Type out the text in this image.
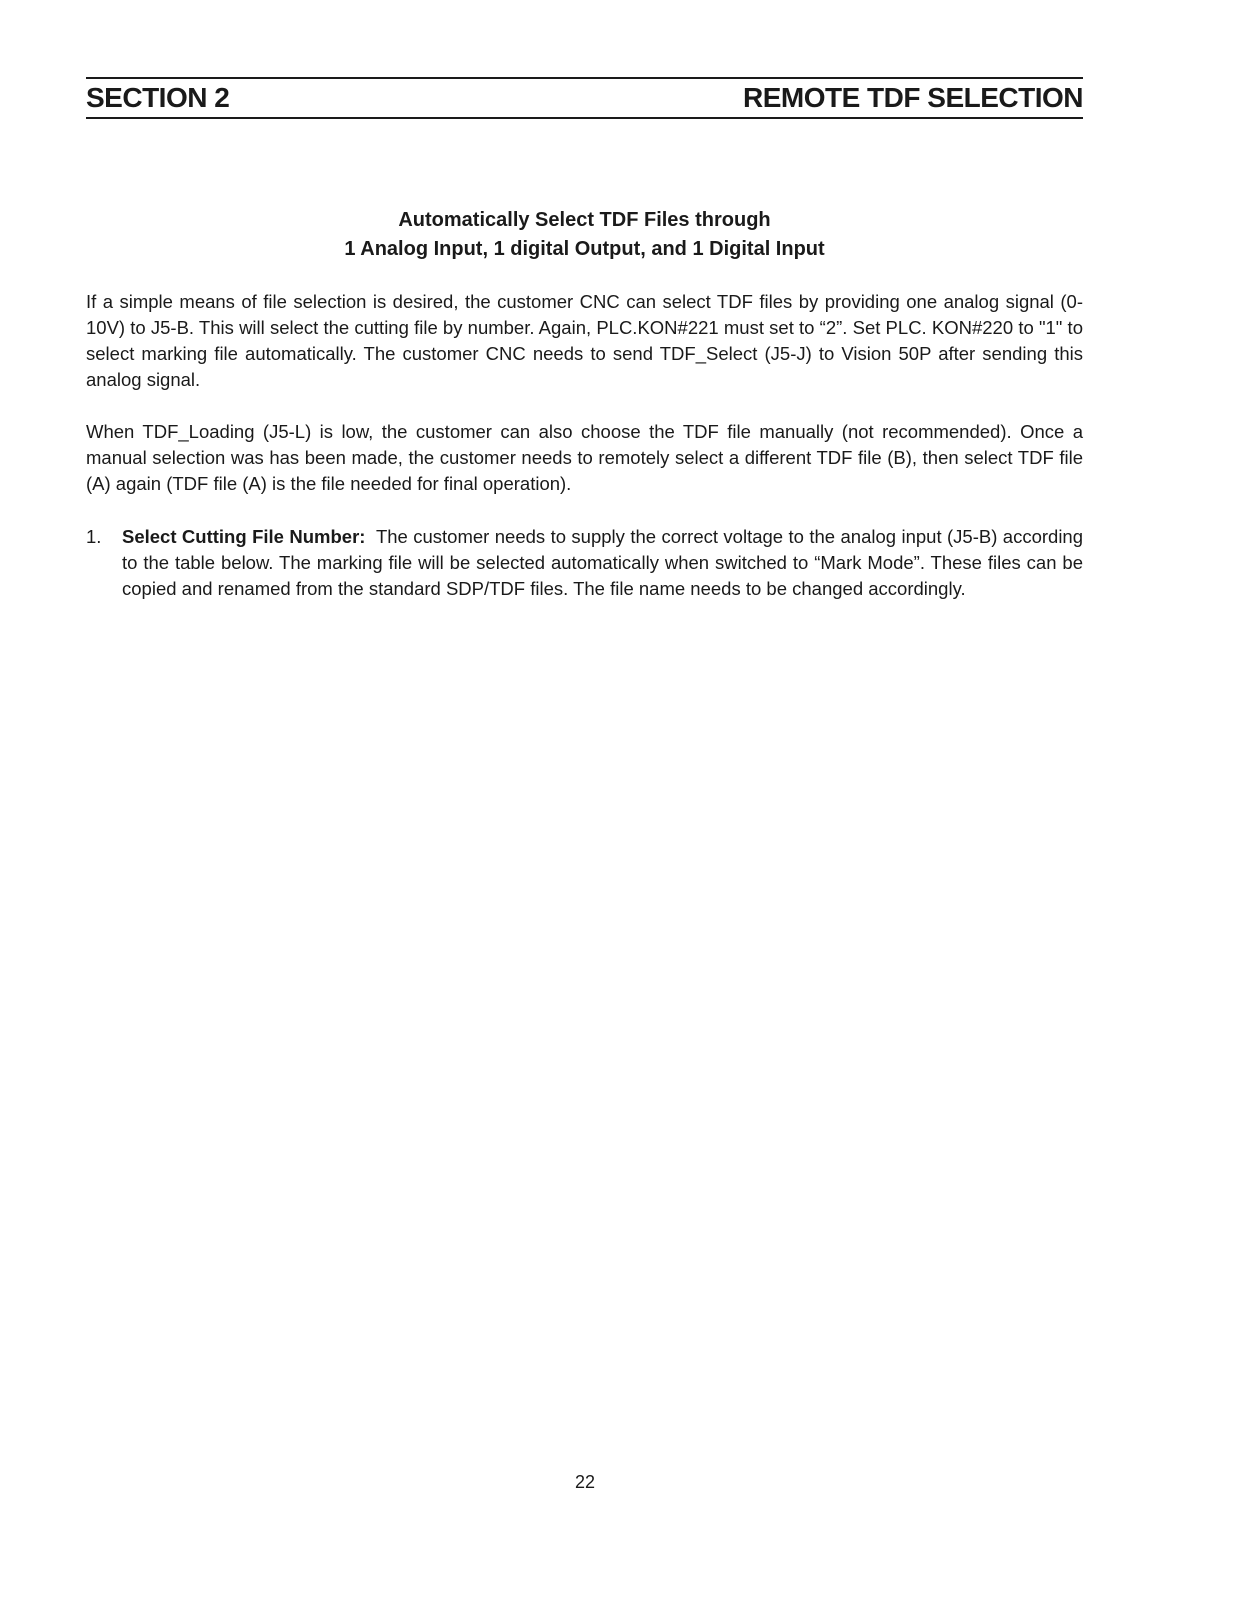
SECTION 2	REMOTE TDF SELECTION
Automatically Select TDF Files through
1 Analog Input, 1 digital Output, and 1 Digital Input

If a simple means of file selection is desired, the customer CNC can select TDF files by providing one analog signal (0-10V) to J5-B. This will select the cutting file by number. Again, PLC.KON#221 must set to “2”. Set PLC. KON#220 to "1" to select marking file automatically. The customer CNC needs to send TDF_Select (J5-J) to Vision 50P after sending this analog signal.

When TDF_Loading (J5-L) is low, the customer can also choose the TDF file manually (not recommended). Once a manual selection was has been made, the customer needs to remotely select a different TDF file (B), then select TDF file (A) again (TDF file (A) is the file needed for final operation).

1. Select Cutting File Number: The customer needs to supply the correct voltage to the analog input (J5-B) according to the table below. The marking file will be selected automatically when switched to “Mark Mode”. These files can be copied and renamed from the standard SDP/TDF files. The file name needs to be changed accordingly.
22
